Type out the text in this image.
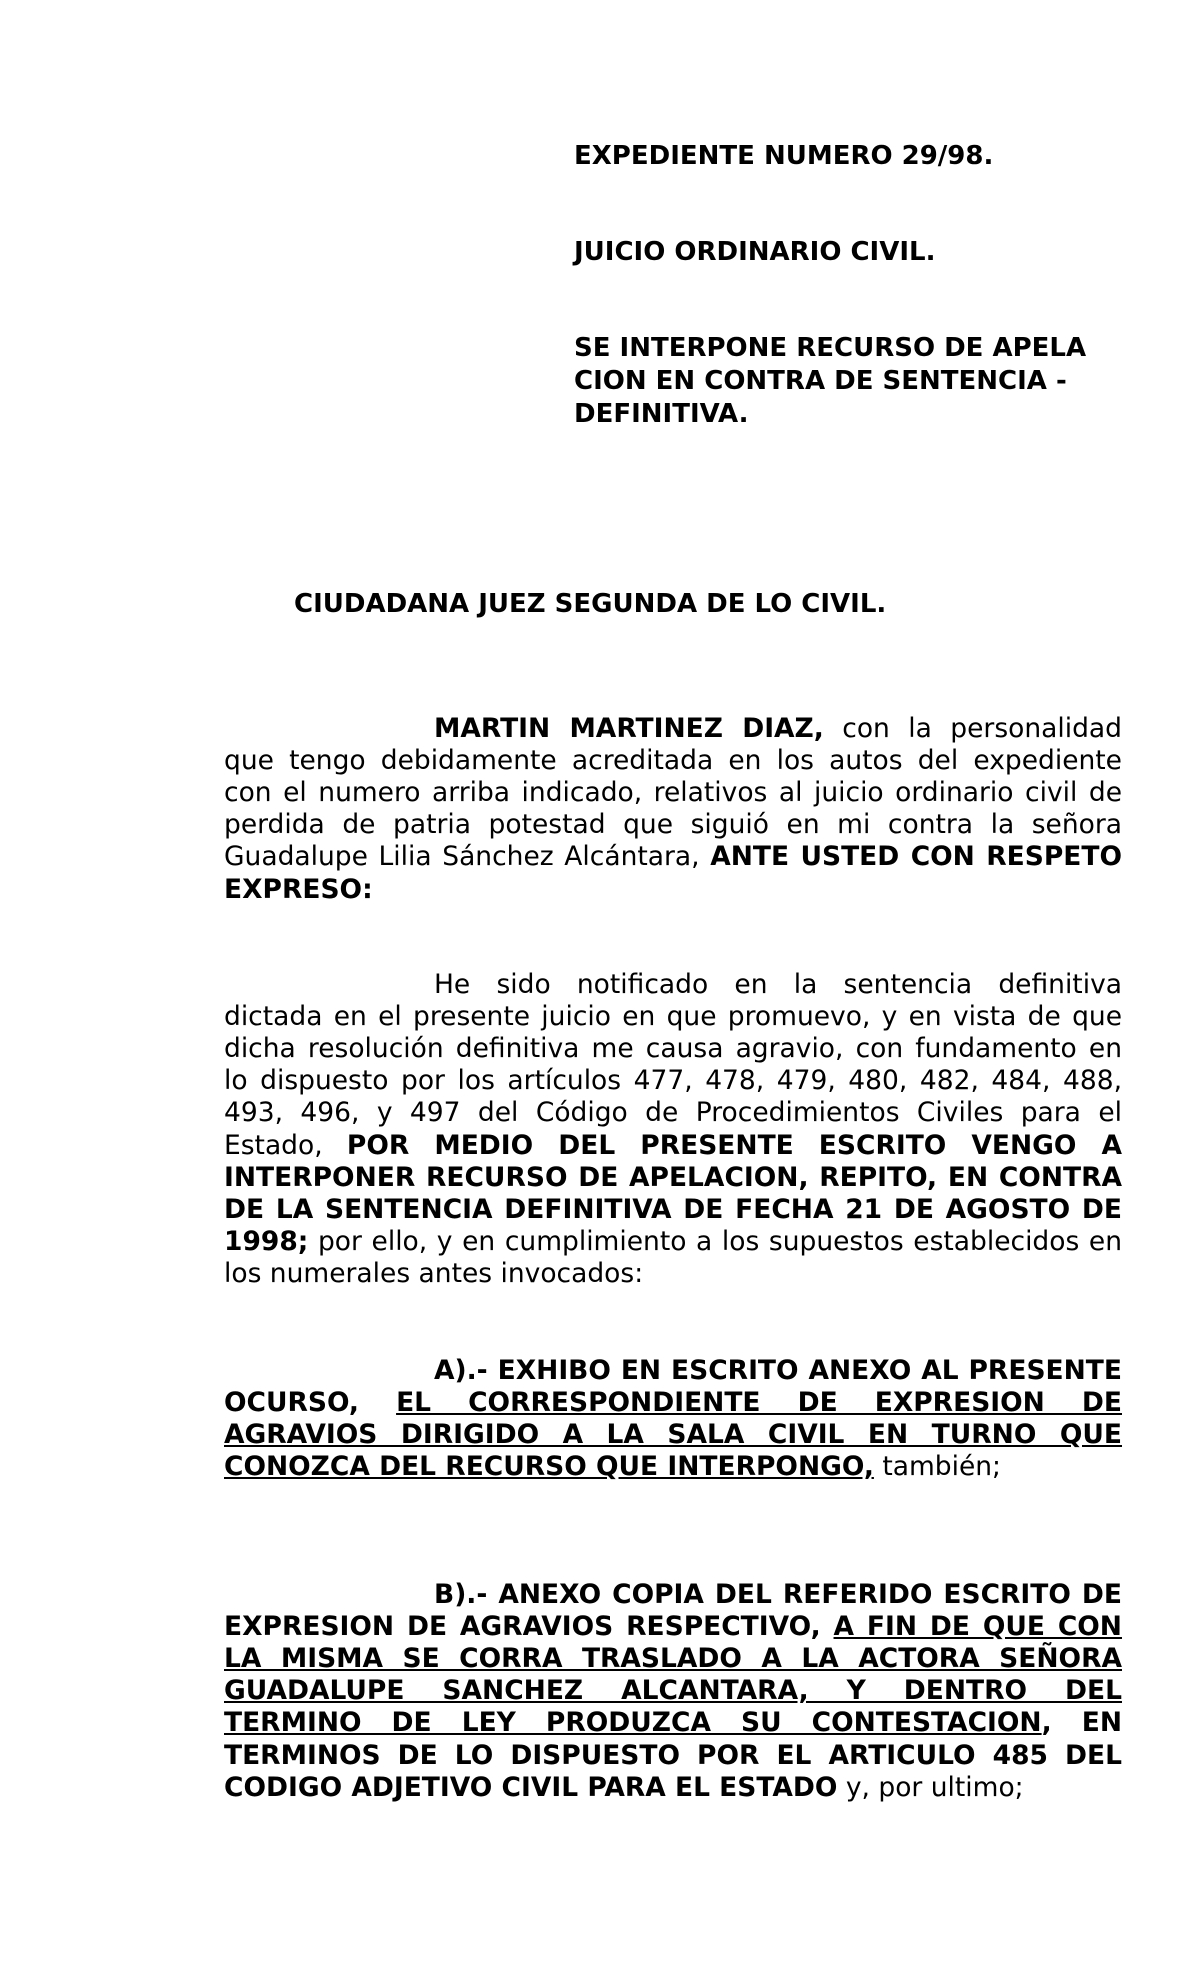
EXPEDIENTE NUMERO 29/98.
JUICIO ORDINARIO CIVIL.
SE INTERPONE RECURSO DE APELA CION EN CONTRA DE SENTENCIA - DEFINITIVA.
CIUDADANA JUEZ SEGUNDA DE LO CIVIL.

MARTIN MARTINEZ DIAZ, con la personalidad que tengo debidamente acreditada en los autos del expediente con el numero arriba indicado, relativos al juicio ordinario civil de perdida de patria potestad que siguió en mi contra la señora Guadalupe Lilia Sánchez Alcántara, ANTE USTED CON RESPETO EXPRESO:

He sido notificado en la sentencia definitiva dictada en el presente juicio en que promuevo, y en vista de que dicha resolución definitiva me causa agravio, con fundamento en lo dispuesto por los artículos 477, 478, 479, 480, 482, 484, 488, 493, 496, y 497 del Código de Procedimientos Civiles para el Estado, POR MEDIO DEL PRESENTE ESCRITO VENGO A INTERPONER RECURSO DE APELACION, REPITO, EN CONTRA DE LA SENTENCIA DEFINITIVA DE FECHA 21 DE AGOSTO DE 1998; por ello, y en cumplimiento a los supuestos establecidos en los numerales antes invocados:

A).- EXHIBO EN ESCRITO ANEXO AL PRESENTE OCURSO, EL CORRESPONDIENTE DE EXPRESION DE AGRAVIOS DIRIGIDO A LA SALA CIVIL EN TURNO QUE CONOZCA DEL RECURSO QUE INTERPONGO, también;

B).- ANEXO COPIA DEL REFERIDO ESCRITO DE EXPRESION DE AGRAVIOS RESPECTIVO, A FIN DE QUE CON LA MISMA SE CORRA TRASLADO A LA ACTORA SEÑORA GUADALUPE SANCHEZ ALCANTARA, Y DENTRO DEL TERMINO DE LEY PRODUZCA SU CONTESTACION, EN TERMINOS DE LO DISPUESTO POR EL ARTICULO 485 DEL CODIGO ADJETIVO CIVIL PARA EL ESTADO y, por ultimo;
